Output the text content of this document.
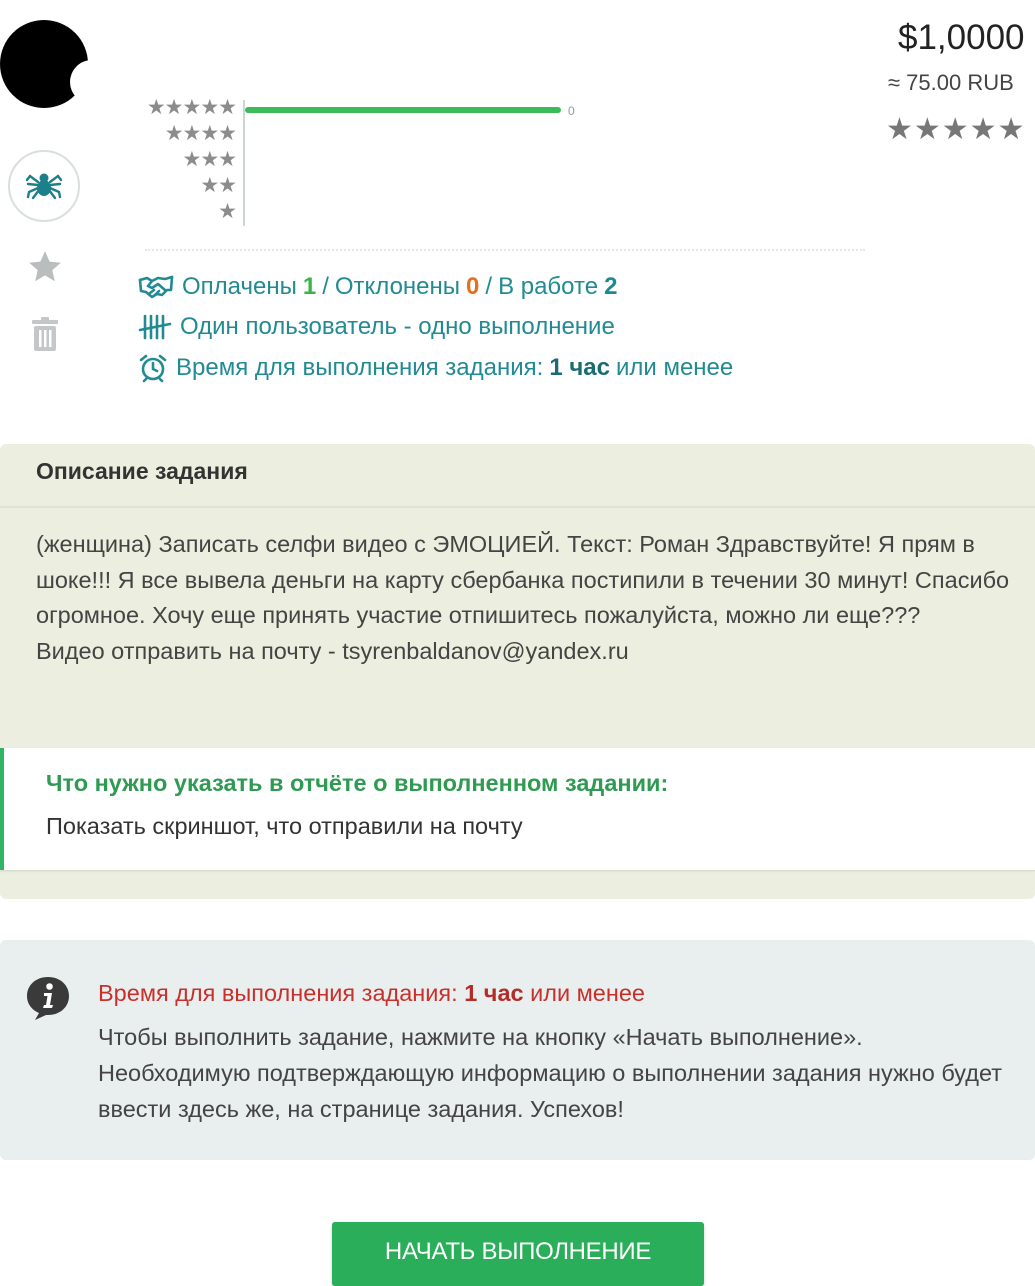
★★★★★
★★★★
★★★
★★
★
0
$1,0000
≈ 75.00 RUB
★★★★★
Оплачены 1 / Отклонены 0 / В работе 2
Один пользователь - одно выполнение
Время для выполнения задания: 1 час или менее
Описание задания
(женщина) Записать селфи видео с ЭМОЦИЕЙ. Текст: Роман Здравствуйте! Я прям в шоке!!! Я все вывела деньги на карту сбербанка постипили в течении 30 минут! Спасибо огромное. Хочу еще принять участие отпишитесь пожалуйста, можно ли еще???
Видео отправить на почту - tsyrenbaldanov@yandex.ru
Что нужно указать в отчёте о выполненном задании:
Показать скриншот, что отправили на почту
Время для выполнения задания: 1 час или менее
Чтобы выполнить задание, нажмите на кнопку «Начать выполнение». Необходимую подтверждающую информацию о выполнении задания нужно будет ввести здесь же, на странице задания. Успехов!
НАЧАТЬ ВЫПОЛНЕНИЕ
